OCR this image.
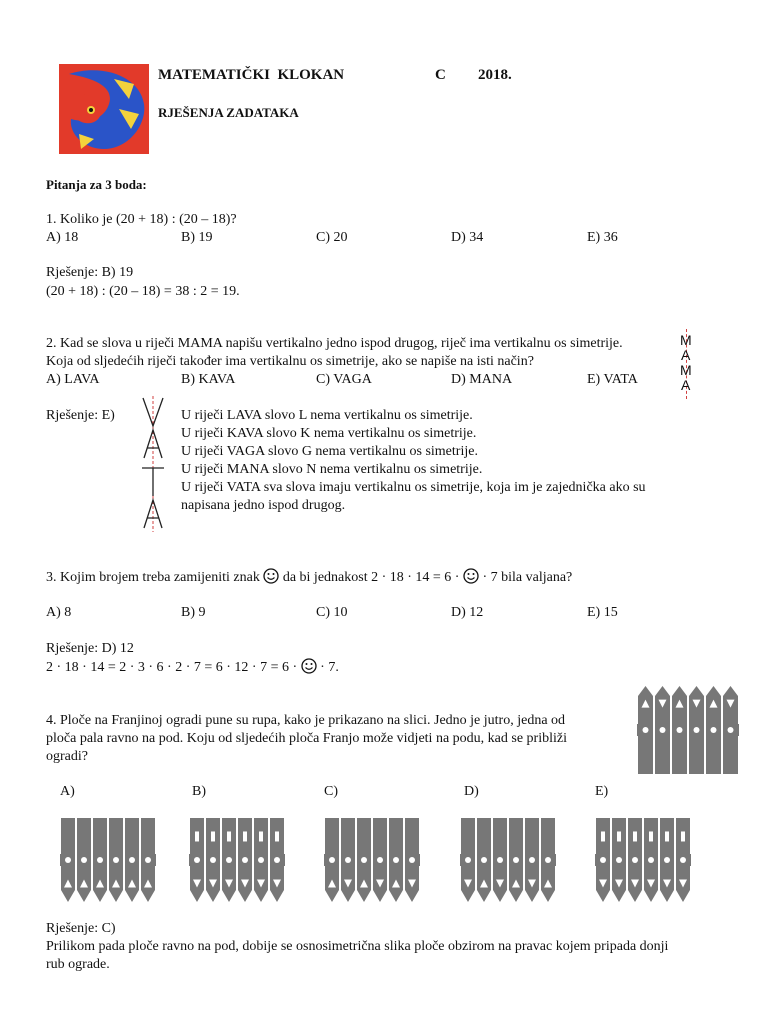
MATEMATIČKI  KLOKAN	C 2018.
RJEŠENJA ZADATAKA
Pitanja za 3 boda:
1. Koliko je (20 + 18) : (20 – 18)?
A) 18	B) 19	C) 20	D) 34	E) 36
Rješenje: B) 19
(20 + 18) : (20 – 18) = 38 : 2 = 19.
2. Kad se slova u riječi MAMA napišu vertikalno jedno ispod drugog, riječ ima vertikalnu os simetrije.
Koja od sljedećih riječi također ima vertikalnu os simetrije, ako se napiše na isti način?
A) LAVA	B) KAVA	C) VAGA	D) MANA	E) VATA
M
A
M
A
Rješenje: E)	U riječi LAVA slovo L nema vertikalnu os simetrije.
U riječi KAVA slovo K nema vertikalnu os simetrije.
U riječi VAGA slovo G nema vertikalnu os simetrije.
U riječi MANA slovo N nema vertikalnu os simetrije.
U riječi VATA sva slova imaju vertikalnu os simetrije, koja im je zajednička ako su
napisana jedno ispod drugog.
3. Kojim brojem treba zamijeniti znak da bi jednakost 2 · 18 · 14 = 6 · · 7 bila valjana?
A) 8	B) 9	C) 10	D) 12	E) 15
Rješenje: D) 12
2 · 18 · 14 = 2 · 3 · 6 · 2 · 7 = 6 · 12 · 7 = 6 · · 7.
4. Ploče na Franjinoj ogradi pune su rupa, kako je prikazano na slici. Jedno je jutro, jedna od
ploča pala ravno na pod. Koju od sljedećih ploča Franjo može vidjeti na podu, kad se približi
ogradi?
A)	B)	C)	D)	E)
Rješenje: C)
Prilikom pada ploče ravno na pod, dobije se osnosimetrična slika ploče obzirom na pravac kojem pripada donji
rub ograde.
